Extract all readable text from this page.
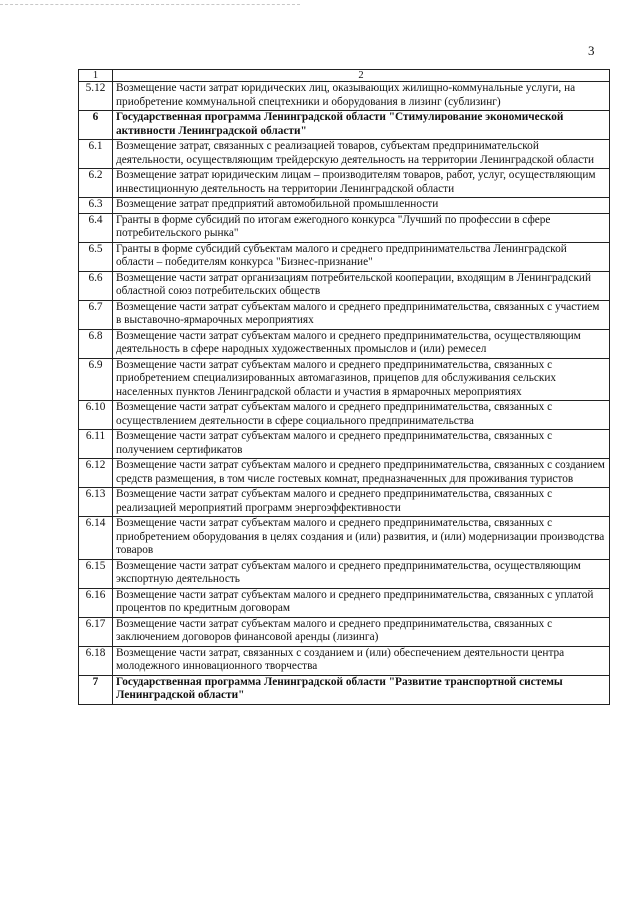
3
1	2
5.12	Возмещение части затрат юридических лиц, оказывающих жилищно-коммунальные услуги, на приобретение коммунальной спецтехники и оборудования в лизинг (сублизинг)
6	Государственная программа Ленинградской области "Стимулирование экономической активности Ленинградской области"
6.1	Возмещение затрат, связанных с реализацией товаров, субъектам предпринимательской деятельности, осуществляющим трейдерскую деятельность на территории Ленинградской области
6.2	Возмещение затрат юридическим лицам – производителям товаров, работ, услуг, осуществляющим инвестиционную деятельность на территории Ленинградской области
6.3	Возмещение затрат предприятий автомобильной промышленности
6.4	Гранты в форме субсидий по итогам ежегодного конкурса "Лучший по профессии в сфере потребительского рынка"
6.5	Гранты в форме субсидий субъектам малого и среднего предпринимательства Ленинградской области – победителям конкурса "Бизнес-признание"
6.6	Возмещение части затрат организациям потребительской кооперации, входящим в Ленинградский областной союз потребительских обществ
6.7	Возмещение части затрат субъектам малого и среднего предпринимательства, связанных с участием в выставочно-ярмарочных мероприятиях
6.8	Возмещение части затрат субъектам малого и среднего предпринимательства, осуществляющим деятельность в сфере народных художественных промыслов и (или) ремесел
6.9	Возмещение части затрат субъектам малого и среднего предпринимательства, связанных с приобретением специализированных автомагазинов, прицепов для обслуживания сельских населенных пунктов Ленинградской области и участия в ярмарочных мероприятиях
6.10	Возмещение части затрат субъектам малого и среднего предпринимательства, связанных с осуществлением деятельности в сфере социального предпринимательства
6.11	Возмещение части затрат субъектам малого и среднего предпринимательства, связанных с получением сертификатов
6.12	Возмещение части затрат субъектам малого и среднего предпринимательства, связанных с созданием средств размещения, в том числе гостевых комнат, предназначенных для проживания туристов
6.13	Возмещение части затрат субъектам малого и среднего предпринимательства, связанных с реализацией мероприятий программ энергоэффективности
6.14	Возмещение части затрат субъектам малого и среднего предпринимательства, связанных с приобретением оборудования в целях создания и (или) развития, и (или) модернизации производства товаров
6.15	Возмещение части затрат субъектам малого и среднего предпринимательства, осуществляющим экспортную деятельность
6.16	Возмещение части затрат субъектам малого и среднего предпринимательства, связанных с уплатой процентов по кредитным договорам
6.17	Возмещение части затрат субъектам малого и среднего предпринимательства, связанных с заключением договоров финансовой аренды (лизинга)
6.18	Возмещение части затрат, связанных с созданием и (или) обеспечением деятельности центра молодежного инновационного творчества
7	Государственная программа Ленинградской области "Развитие транспортной системы Ленинградской области"
